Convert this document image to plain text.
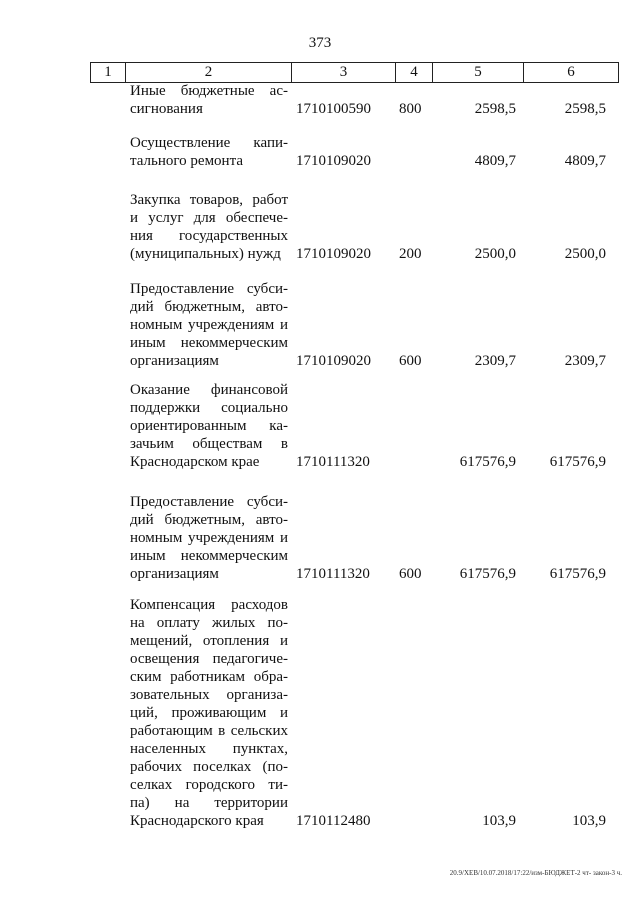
373
1	2	3	4	5	6
Иные бюджетные ас-
сигнования	1710100590 800	2598,5	2598,5
Осуществление капи-
тального ремонта	1710109020	4809,7	4809,7
Закупка товаров, работ
и услуг для обеспече-
ния государственных
(муниципальных) нужд	1710109020 200	2500,0	2500,0
Предоставление субси-
дий бюджетным, авто-
номным учреждениям и
иным некоммерческим
организациям	1710109020 600	2309,7	2309,7
Оказание финансовой
поддержки социально
ориентированным ка-
зачьим обществам в
Краснодарском крае	1710111320	617576,9 617576,9
Предоставление субси-
дий бюджетным, авто-
номным учреждениям и
иным некоммерческим
организациям	1710111320 600	617576,9 617576,9
Компенсация расходов
на оплату жилых по-
мещений, отопления и
освещения педагогиче-
ским работникам обра-
зовательных организа-
ций, проживающим и
работающим в сельских
населенных пунктах,
рабочих поселках (по-
селках городского ти-
па) на территории
Краснодарского края	1710112480	103,9	103,9
20.9/ХЕВ/10.07.2018/17:22/изм-БЮДЖЕТ-2 чт- закон-3 ч.
